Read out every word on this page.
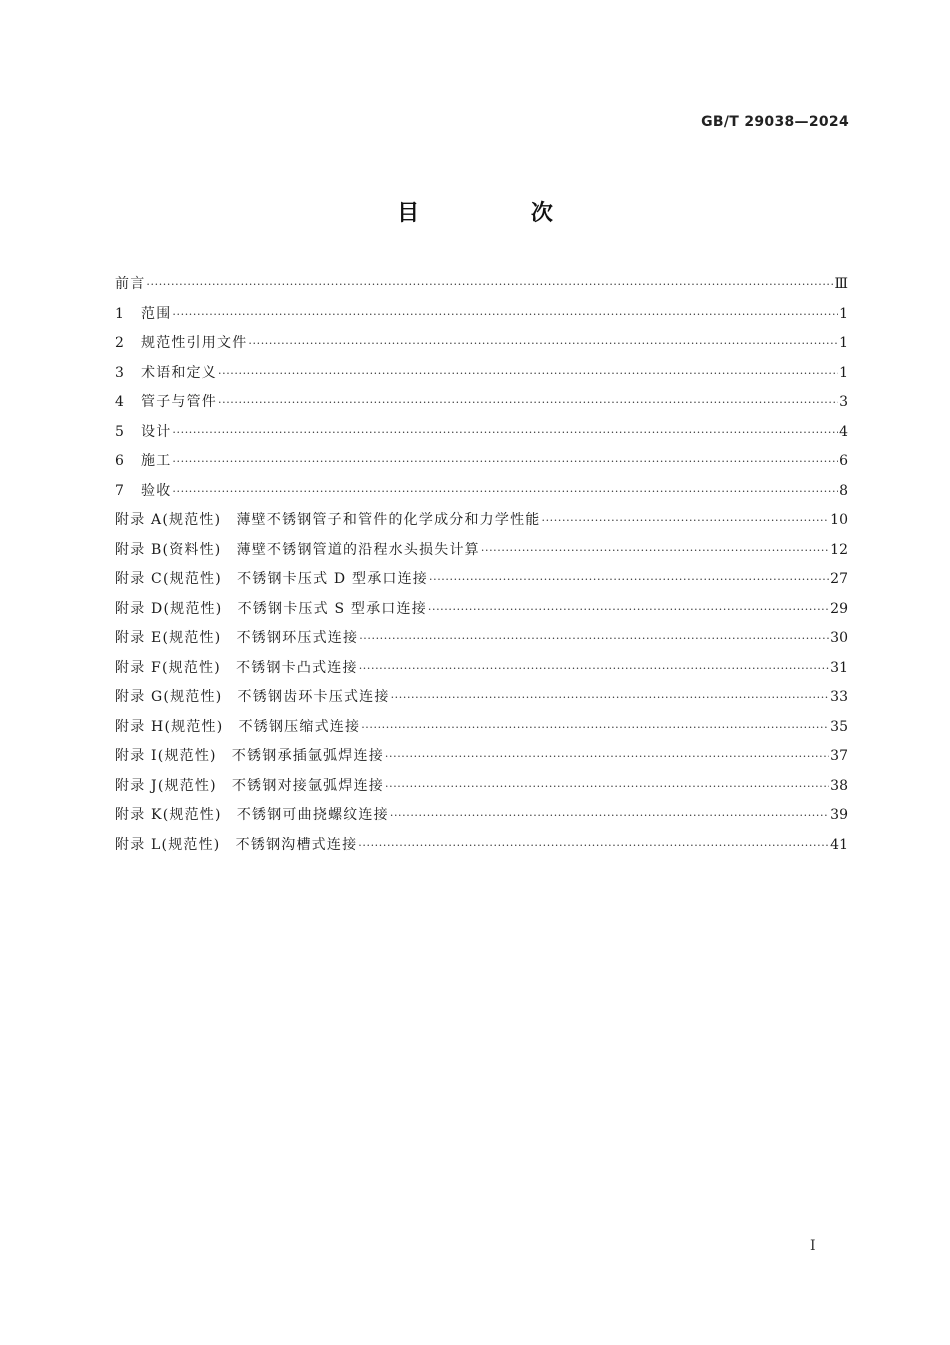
GB/T 29038—2024
目 次
前言 ·····	Ⅲ
1 范围 ·····	1
2 规范性引用文件 ·····	1
3 术语和定义 ·····	1
4 管子与管件 ·····	3
5 设计 ·····	4
6 施工 ·····	6
7 验收 ·····	8
附录 A(规范性)　薄壁不锈钢管子和管件的化学成分和力学性能 ·····	10
附录 B(资料性)　薄壁不锈钢管道的沿程水头损失计算 ·····	12
附录 C(规范性)　不锈钢卡压式 D 型承口连接 ·····	27
附录 D(规范性)　不锈钢卡压式 S 型承口连接 ·····	29
附录 E(规范性)　不锈钢环压式连接 ·····	30
附录 F(规范性)　不锈钢卡凸式连接 ·····	31
附录 G(规范性)　不锈钢齿环卡压式连接 ·····	33
附录 H(规范性)　不锈钢压缩式连接 ·····	35
附录 I(规范性)　不锈钢承插氩弧焊连接 ·····	37
附录 J(规范性)　不锈钢对接氩弧焊连接 ·····	38
附录 K(规范性)　不锈钢可曲挠螺纹连接 ·····	39
附录 L(规范性)　不锈钢沟槽式连接 ·····	41
Ⅰ
